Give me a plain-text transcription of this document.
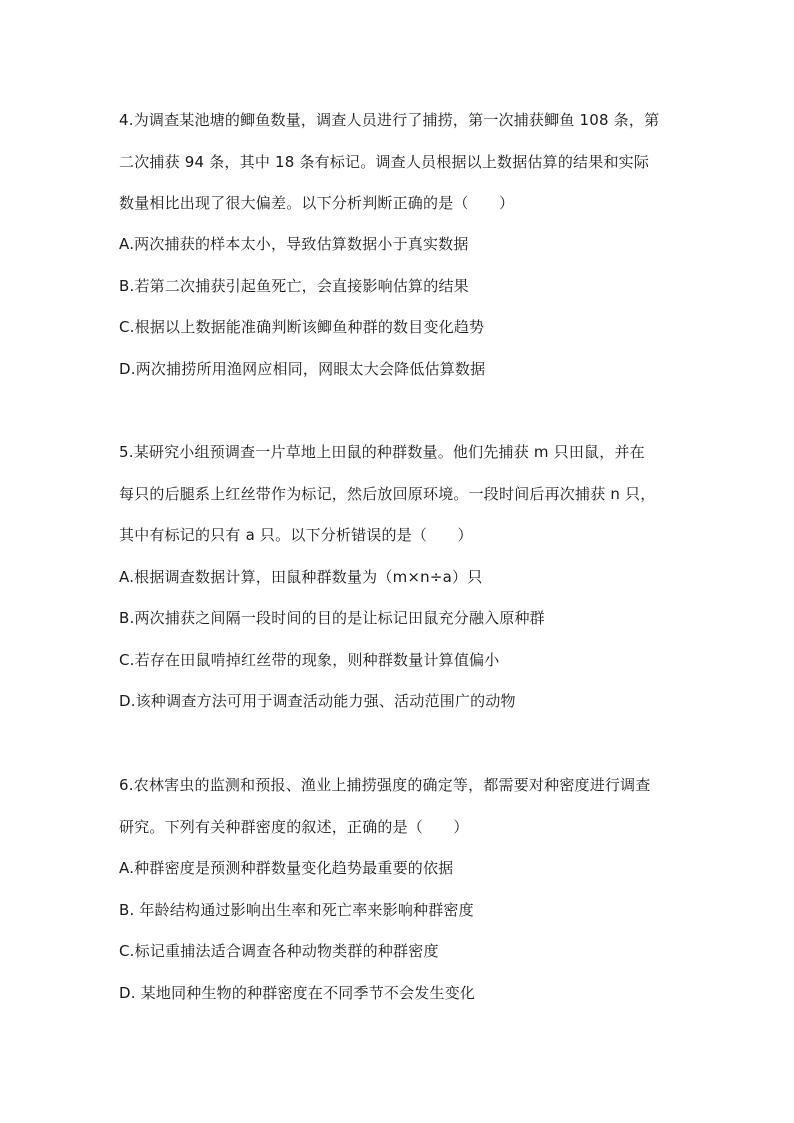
4.为调查某池塘的鲫鱼数量，调查人员进行了捕捞，第一次捕获鲫鱼 108 条，第
二次捕获 94 条，其中 18 条有标记。调查人员根据以上数据估算的结果和实际
数量相比出现了很大偏差。以下分析判断正确的是（　　）
A.两次捕获的样本太小，导致估算数据小于真实数据
B.若第二次捕获引起鱼死亡，会直接影响估算的结果
C.根据以上数据能准确判断该鲫鱼种群的数目变化趋势
D.两次捕捞所用渔网应相同，网眼太大会降低估算数据
5.某研究小组预调查一片草地上田鼠的种群数量。他们先捕获 m 只田鼠，并在
每只的后腿系上红丝带作为标记，然后放回原环境。一段时间后再次捕获 n 只，
其中有标记的只有 a 只。以下分析错误的是（　　）
A.根据调查数据计算，田鼠种群数量为（m×n÷a）只
B.两次捕获之间隔一段时间的目的是让标记田鼠充分融入原种群
C.若存在田鼠啃掉红丝带的现象，则种群数量计算值偏小
D.该种调查方法可用于调查活动能力强、活动范围广的动物
6.农林害虫的监测和预报、渔业上捕捞强度的确定等，都需要对种密度进行调查
研究。下列有关种群密度的叙述，正确的是（　　）
A.种群密度是预测种群数量变化趋势最重要的依据
B. 年龄结构通过影响出生率和死亡率来影响种群密度
C.标记重捕法适合调查各种动物类群的种群密度
D. 某地同种生物的种群密度在不同季节不会发生变化
